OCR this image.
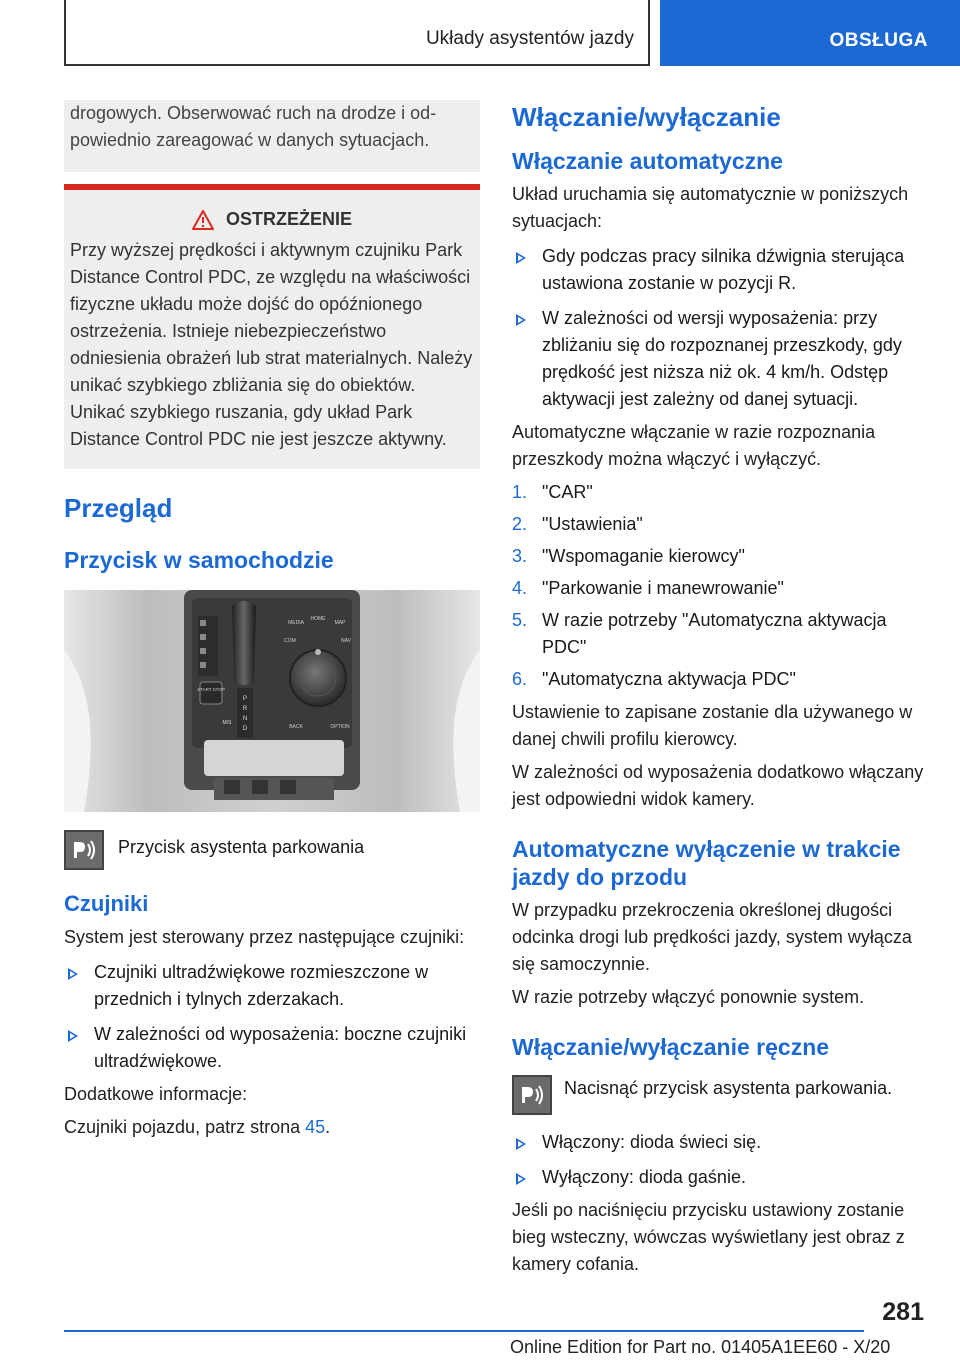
Układy asystentów jazdy	OBSŁUGA
drogowych. Obserwować ruch na drodze i odpowiednio zareagować w danych sytuacjach.
OSTRZEŻENIE
Przy wyższej prędkości i aktywnym czujniku Park Distance Control PDC, ze względu na właściwości fizyczne układu może dojść do opóźnionego ostrzeżenia. Istnieje niebezpieczeństwo odniesienia obrażeń lub strat materialnych. Należy unikać szybkiego zbliżania się do obiektów. Unikać szybkiego ruszania, gdy układ Park Distance Control PDC nie jest jeszcze aktywny.
Przegląd
Przycisk w samochodzie
START STOP
P
R
N
D
M/S
MEDIA
HOME
MAP
COM	NAV
BACK	OPTION
Przycisk asystenta parkowania
Czujniki

System jest sterowany przez następujące czujniki:

Czujniki ultradźwiękowe rozmieszczone w przednich i tylnych zderzakach.
W zależności od wyposażenia: boczne czujniki ultradźwiękowe.

Dodatkowe informacje:

Czujniki pojazdu, patrz strona 45.

Włączanie/wyłączanie
Włączanie automatyczne

Układ uruchamia się automatycznie w poniższych sytuacjach:

Gdy podczas pracy silnika dźwignia sterująca ustawiona zostanie w pozycji R.
W zależności od wersji wyposażenia: przy zbliżaniu się do rozpoznanej przeszkody, gdy prędkość jest niższa niż ok. 4 km/h. Odstęp aktywacji jest zależny od danej sytuacji.

Automatyczne włączanie w razie rozpoznania przeszkody można włączyć i wyłączyć.

1. "CAR"
2. "Ustawienia"
3. "Wspomaganie kierowcy"
4. "Parkowanie i manewrowanie"
5. W razie potrzeby "Automatyczna aktywacja PDC"
6. "Automatyczna aktywacja PDC"

Ustawienie to zapisane zostanie dla używanego w danej chwili profilu kierowcy.

W zależności od wyposażenia dodatkowo włączany jest odpowiedni widok kamery.

Automatyczne wyłączenie w trakcie jazdy do przodu

W przypadku przekroczenia określonej długości odcinka drogi lub prędkości jazdy, system wyłącza się samoczynnie.

W razie potrzeby włączyć ponownie system.

Włączanie/wyłączanie ręczne
Nacisnąć przycisk asystenta parkowania.
Włączony: dioda świeci się.
Wyłączony: dioda gaśnie.

Jeśli po naciśnięciu przycisku ustawiony zostanie bieg wsteczny, wówczas wyświetlany jest obraz z kamery cofania.

281
Online Edition for Part no. 01405A1EE60 - X/20
